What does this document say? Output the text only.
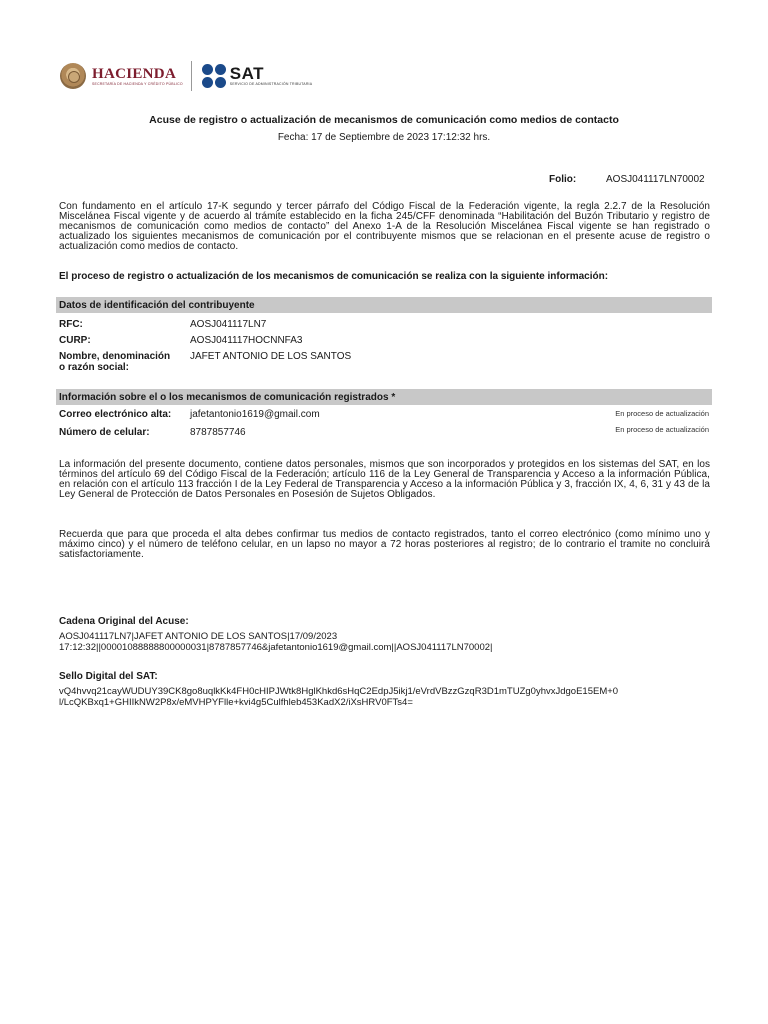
HACIENDA
SECRETARÍA DE HACIENDA Y CRÉDITO PÚBLICO
SAT
SERVICIO DE ADMINISTRACIÓN TRIBUTARIA
Acuse de registro o actualización de mecanismos de comunicación como medios de contacto
Fecha: 17 de Septiembre de 2023 17:12:32 hrs.
Folio:	AOSJ041117LN70002
Con fundamento en el artículo 17-K segundo y tercer párrafo del Código Fiscal de la Federación vigente, la regla 2.2.7 de la Resolución Miscelánea Fiscal vigente y de acuerdo al trámite establecido en la ficha 245/CFF denominada “Habilitación del Buzón Tributario y registro de mecanismos de comunicación como medios de contacto” del Anexo 1-A de la Resolución Miscelánea Fiscal vigente se han registrado o actualizado los siguientes mecanismos de comunicación por el contribuyente mismos que se relacionan en el presente acuse de registro o actualización como medios de contacto.
El proceso de registro o actualización de los mecanismos de comunicación se realiza con la siguiente información:
Datos de identificación del contribuyente
RFC:	AOSJ041117LN7
CURP:	AOSJ041117HOCNNFA3
Nombre, denominación
o razón social:
JAFET ANTONIO DE LOS SANTOS
Información sobre el o los mecanismos de comunicación registrados *
Correo electrónico alta: jafetantonio1619@gmail.com	En proceso de actualización
Número de celular:	8787857746	En proceso de actualización
La información del presente documento, contiene datos personales, mismos que son incorporados y protegidos en los sistemas del SAT, en los términos del artículo 69 del Código Fiscal de la Federación; artículo 116 de la Ley General de Transparencia y Acceso a la información Pública, en relación con el artículo 113 fracción I de la Ley Federal de Transparencia y Acceso a la información Pública y 3, fracción IX, 4, 6, 31 y 43 de la Ley General de Protección de Datos Personales en Posesión de Sujetos Obligados.
Recuerda que para que proceda el alta debes confirmar tus medios de contacto registrados, tanto el correo electrónico (como mínimo uno y máximo cinco) y el número de teléfono celular, en un lapso no mayor a 72 horas posteriores al registro; de lo contrario el tramite no concluirá satisfactoriamente.
Cadena Original del Acuse:
AOSJ041117LN7|JAFET ANTONIO DE LOS SANTOS|17/09/2023
17:12:32||00001088888800000031|8787857746&jafetantonio1619@gmail.com||AOSJ041117LN70002|
Sello Digital del SAT:
vQ4hvvq21cayWUDUY39CK8go8uqlkKk4FH0cHIPJWtk8HglKhkd6sHqC2EdpJ5ikj1/eVrdVBzzGzqR3D1mTUZg0yhvxJdgoE15EM+0
l/LcQKBxq1+GHIIkNW2P8x/eMVHPYFlle+kvi4g5Culfhleb453KadX2/iXsHRV0FTs4=
